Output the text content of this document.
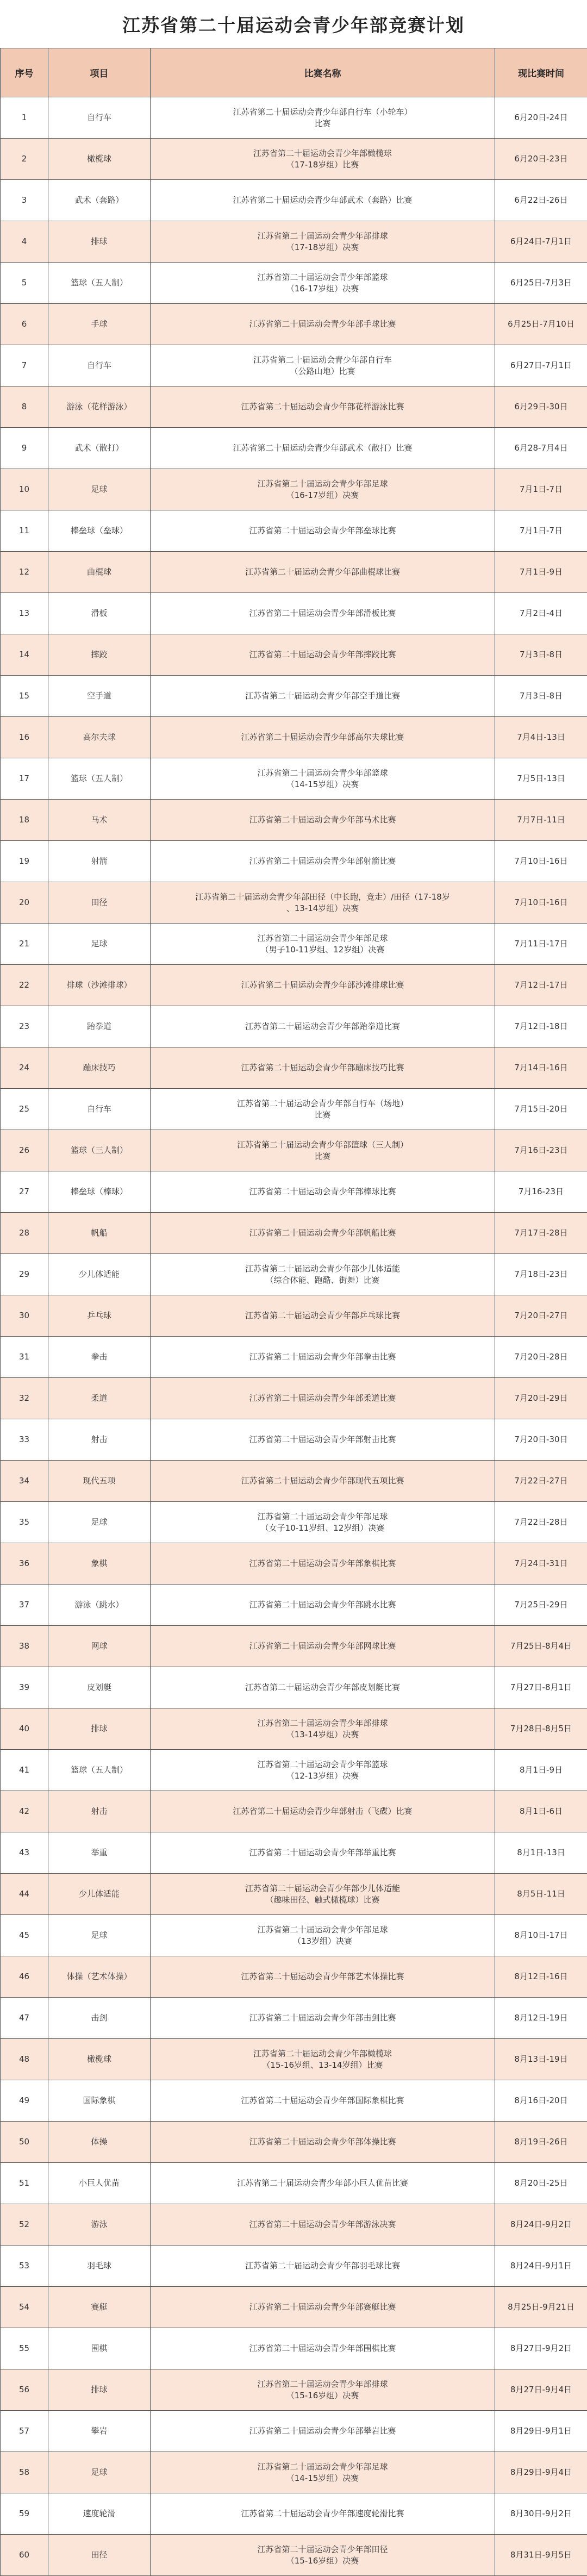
江苏省第二十届运动会青少年部竞赛计划
序号	项目	比赛名称	现比赛时间
1	自行车	江苏省第二十届运动会青少年部自行车（小轮车）
比赛	6月20日-24日
2	橄榄球	江苏省第二十届运动会青少年部橄榄球
（17-18岁组）比赛	6月20日-23日
3	武术（套路）	江苏省第二十届运动会青少年部武术（套路）比赛	6月22日-26日
4	排球	江苏省第二十届运动会青少年部排球
（17-18岁组）决赛	6月24日-7月1日
5	篮球（五人制）	江苏省第二十届运动会青少年部篮球
（16-17岁组）决赛	6月25日-7月3日
6	手球	江苏省第二十届运动会青少年部手球比赛	6月25日-7月10日
7	自行车	江苏省第二十届运动会青少年部自行车
（公路山地）比赛	6月27日-7月1日
8	游泳（花样游泳）	江苏省第二十届运动会青少年部花样游泳比赛	6月29日-30日
9	武术（散打）	江苏省第二十届运动会青少年部武术（散打）比赛	6月28-7月4日
10	足球	江苏省第二十届运动会青少年部足球
（16-17岁组）决赛	7月1日-7日
11	棒垒球（垒球）	江苏省第二十届运动会青少年部垒球比赛	7月1日-7日
12	曲棍球	江苏省第二十届运动会青少年部曲棍球比赛	7月1日-9日
13	滑板	江苏省第二十届运动会青少年部滑板比赛	7月2日-4日
14	摔跤	江苏省第二十届运动会青少年部摔跤比赛	7月3日-8日
15	空手道	江苏省第二十届运动会青少年部空手道比赛	7月3日-8日
16	高尔夫球	江苏省第二十届运动会青少年部高尔夫球比赛	7月4日-13日
17	篮球（五人制）	江苏省第二十届运动会青少年部篮球
（14-15岁组）决赛	7月5日-13日
18	马术	江苏省第二十届运动会青少年部马术比赛	7月7日-11日
19	射箭	江苏省第二十届运动会青少年部射箭比赛	7月10日-16日
20	田径	江苏省第二十届运动会青少年部田径（中长跑，竞走）/田径（17-18岁
、13-14岁组）决赛	7月10日-16日
21	足球	江苏省第二十届运动会青少年部足球
（男子10-11岁组、12岁组）决赛	7月11日-17日
22	排球（沙滩排球）	江苏省第二十届运动会青少年部沙滩排球比赛	7月12日-17日
23	跆拳道	江苏省第二十届运动会青少年部跆拳道比赛	7月12日-18日
24	蹦床技巧	江苏省第二十届运动会青少年部蹦床技巧比赛	7月14日-16日
25	自行车	江苏省第二十届运动会青少年部自行车（场地）
比赛	7月15日-20日
26	篮球（三人制）	江苏省第二十届运动会青少年部篮球（三人制）
比赛	7月16日-23日
27	棒垒球（棒球）	江苏省第二十届运动会青少年部棒球比赛	7月16-23日
28	帆船	江苏省第二十届运动会青少年部帆船比赛	7月17日-28日
29	少儿体适能	江苏省第二十届运动会青少年部少儿体适能
（综合体能、跑酷、街舞）比赛	7月18日-23日
30	乒乓球	江苏省第二十届运动会青少年部乒乓球比赛	7月20日-27日
31	拳击	江苏省第二十届运动会青少年部拳击比赛	7月20日-28日
32	柔道	江苏省第二十届运动会青少年部柔道比赛	7月20日-29日
33	射击	江苏省第二十届运动会青少年部射击比赛	7月20日-30日
34	现代五项	江苏省第二十届运动会青少年部现代五项比赛	7月22日-27日
35	足球	江苏省第二十届运动会青少年部足球
（女子10-11岁组、12岁组）决赛	7月22日-28日
36	象棋	江苏省第二十届运动会青少年部象棋比赛	7月24日-31日
37	游泳（跳水）	江苏省第二十届运动会青少年部跳水比赛	7月25日-29日
38	网球	江苏省第二十届运动会青少年部网球比赛	7月25日-8月4日
39	皮划艇	江苏省第二十届运动会青少年部皮划艇比赛	7月27日-8月1日
40	排球	江苏省第二十届运动会青少年部排球
（13-14岁组）决赛	7月28日-8月5日
41	篮球（五人制）	江苏省第二十届运动会青少年部篮球
（12-13岁组）决赛	8月1日-9日
42	射击	江苏省第二十届运动会青少年部射击（飞碟）比赛	8月1日-6日
43	举重	江苏省第二十届运动会青少年部举重比赛	8月1日-13日
44	少儿体适能	江苏省第二十届运动会青少年部少儿体适能
（趣味田径、触式橄榄球）比赛	8月5日-11日
45	足球	江苏省第二十届运动会青少年部足球
（13岁组）决赛	8月10日-17日
46	体操（艺术体操）	江苏省第二十届运动会青少年部艺术体操比赛	8月12日-16日
47	击剑	江苏省第二十届运动会青少年部击剑比赛	8月12日-19日
48	橄榄球	江苏省第二十届运动会青少年部橄榄球
（15-16岁组、13-14岁组）比赛	8月13日-19日
49	国际象棋	江苏省第二十届运动会青少年部国际象棋比赛	8月16日-20日
50	体操	江苏省第二十届运动会青少年部体操比赛	8月19日-26日
51	小巨人优苗	江苏省第二十届运动会青少年部小巨人优苗比赛	8月20日-25日
52	游泳	江苏省第二十届运动会青少年部游泳决赛	8月24日-9月2日
53	羽毛球	江苏省第二十届运动会青少年部羽毛球比赛	8月24日-9月1日
54	赛艇	江苏省第二十届运动会青少年部赛艇比赛	8月25日-9月21日
55	围棋	江苏省第二十届运动会青少年部围棋比赛	8月27日-9月2日
56	排球	江苏省第二十届运动会青少年部排球
（15-16岁组）决赛	8月27日-9月4日
57	攀岩	江苏省第二十届运动会青少年部攀岩比赛	8月29日-9月1日
58	足球	江苏省第二十届运动会青少年部足球
（14-15岁组）决赛	8月29日-9月4日
59	速度轮滑	江苏省第二十届运动会青少年部速度轮滑比赛	8月30日-9月2日
60	田径	江苏省第二十届运动会青少年部田径
（15-16岁组）决赛	8月31日-9月5日
